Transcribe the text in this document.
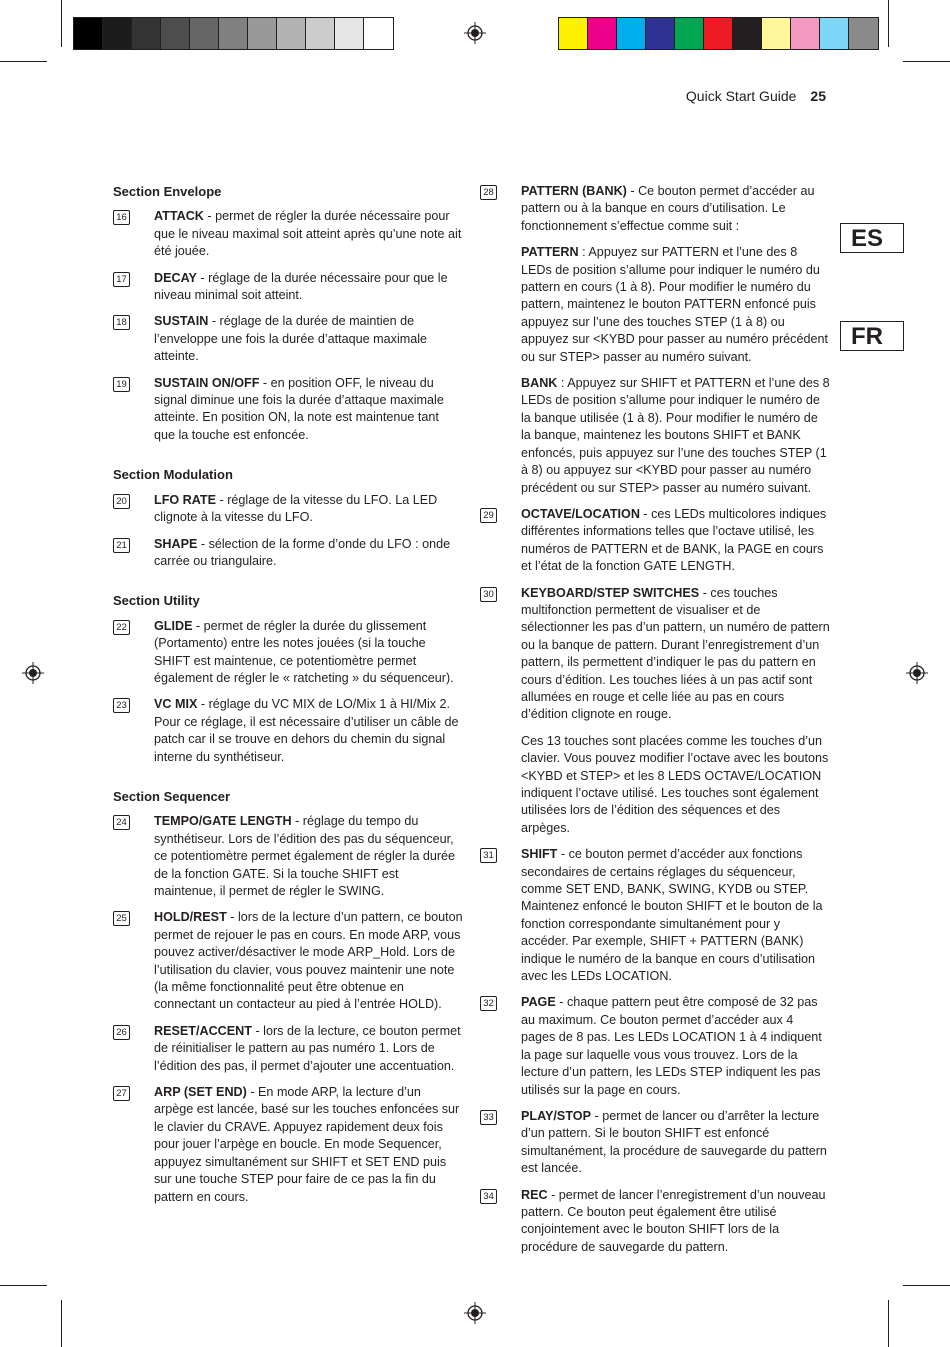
Quick Start Guide 25
ES
FR
Section Envelope
16 ATTACK - permet de régler la durée nécessaire pour que le niveau maximal soit atteint après qu’une note ait été jouée.
17 DECAY - réglage de la durée nécessaire pour que le niveau minimal soit atteint.
18 SUSTAIN - réglage de la durée de maintien de l’enveloppe une fois la durée d’attaque maximale atteinte.
19 SUSTAIN ON/OFF - en position OFF, le niveau du signal diminue une fois la durée d’attaque maximale atteinte. En position ON, la note est maintenue tant que la touche est enfoncée.
Section Modulation
20 LFO RATE - réglage de la vitesse du LFO. La LED clignote à la vitesse du LFO.
21 SHAPE - sélection de la forme d’onde du LFO : onde carrée ou triangulaire.
Section Utility
22 GLIDE - permet de régler la durée du glissement (Portamento) entre les notes jouées (si la touche SHIFT est maintenue, ce potentiomètre permet également de régler le « ratcheting » du séquenceur).
23 VC MIX - réglage du VC MIX de LO/Mix 1 à HI/Mix 2. Pour ce réglage, il est nécessaire d’utiliser un câble de patch car il se trouve en dehors du chemin du signal interne du synthétiseur.
Section Sequencer
24 TEMPO/GATE LENGTH - réglage du tempo du synthétiseur. Lors de l’édition des pas du séquenceur, ce potentiomètre permet également de régler la durée de la fonction GATE. Si la touche SHIFT est maintenue, il permet de régler le SWING.
25 HOLD/REST - lors de la lecture d’un pattern, ce bouton permet de rejouer le pas en cours. En mode ARP, vous pouvez activer/désactiver le mode ARP_Hold. Lors de l’utilisation du clavier, vous pouvez maintenir une note (la même fonctionnalité peut être obtenue en connectant un contacteur au pied à l’entrée HOLD).
26 RESET/ACCENT - lors de la lecture, ce bouton permet de réinitialiser le pattern au pas numéro 1. Lors de l’édition des pas, il permet d’ajouter une accentuation.
27 ARP (SET END) - En mode ARP, la lecture d’un arpège est lancée, basé sur les touches enfoncées sur le clavier du CRAVE. Appuyez rapidement deux fois pour jouer l’arpège en boucle. En mode Sequencer, appuyez simultanément sur SHIFT et SET END puis sur une touche STEP pour faire de ce pas la fin du pattern en cours.
28 PATTERN (BANK) - Ce bouton permet d’accéder au pattern ou à la banque en cours d’utilisation. Le fonctionnement s’effectue comme suit :
PATTERN : Appuyez sur PATTERN et l’une des 8 LEDs de position s’allume pour indiquer le numéro du pattern en cours (1 à 8). Pour modifier le numéro du pattern, maintenez le bouton PATTERN enfoncé puis appuyez sur l’une des touches STEP (1 à 8) ou appuyez sur <KYBD pour passer au numéro précédent ou sur STEP> passer au numéro suivant.
BANK : Appuyez sur SHIFT et PATTERN et l’une des 8 LEDs de position s’allume pour indiquer le numéro de la banque utilisée (1 à 8). Pour modifier le numéro de la banque, maintenez les boutons SHIFT et BANK enfoncés, puis appuyez sur l’une des touches STEP (1 à 8) ou appuyez sur <KYBD pour passer au numéro précédent ou sur STEP> passer au numéro suivant.
29 OCTAVE/LOCATION - ces LEDs multicolores indiques différentes informations telles que l’octave utilisé, les numéros de PATTERN et de BANK, la PAGE en cours et l’état de la fonction GATE LENGTH.
30 KEYBOARD/STEP SWITCHES - ces touches multifonction permettent de visualiser et de sélectionner les pas d’un pattern, un numéro de pattern ou la banque de pattern. Durant l’enregistrement d’un pattern, ils permettent d’indiquer le pas du pattern en cours d’édition. Les touches liées à un pas actif sont allumées en rouge et celle liée au pas en cours d’édition clignote en rouge.
Ces 13 touches sont placées comme les touches d’un clavier. Vous pouvez modifier l’octave avec les boutons <KYBD et STEP> et les 8 LEDS OCTAVE/LOCATION indiquent l’octave utilisé. Les touches sont également utilisées lors de l’édition des séquences et des arpèges.
31 SHIFT - ce bouton permet d’accéder aux fonctions secondaires de certains réglages du séquenceur, comme SET END, BANK, SWING, KYDB ou STEP. Maintenez enfoncé le bouton SHIFT et le bouton de la fonction correspondante simultanément pour y accéder. Par exemple, SHIFT + PATTERN (BANK) indique le numéro de la banque en cours d’utilisation avec les LEDs LOCATION.
32 PAGE - chaque pattern peut être composé de 32 pas au maximum. Ce bouton permet d’accéder aux 4 pages de 8 pas. Les LEDs LOCATION 1 à 4 indiquent la page sur laquelle vous vous trouvez. Lors de la lecture d’un pattern, les LEDs STEP indiquent les pas utilisés sur la page en cours.
33 PLAY/STOP - permet de lancer ou d’arrêter la lecture d’un pattern. Si le bouton SHIFT est enfoncé simultanément, la procédure de sauvegarde du pattern est lancée.
34 REC - permet de lancer l’enregistrement d’un nouveau pattern. Ce bouton peut également être utilisé conjointement avec le bouton SHIFT lors de la procédure de sauvegarde du pattern.
